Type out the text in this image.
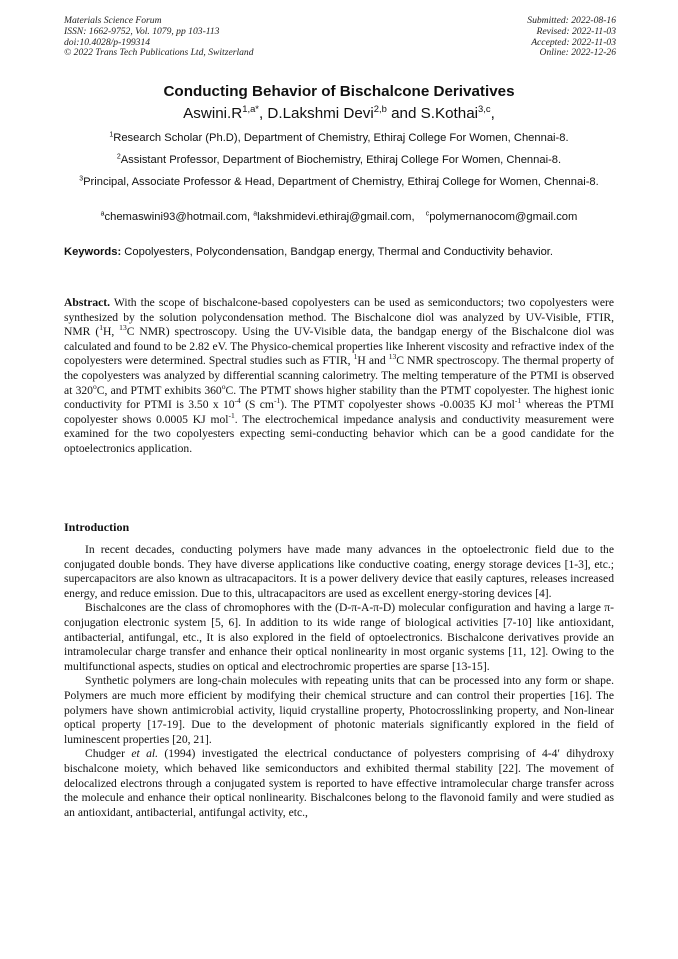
Materials Science Forum
ISSN: 1662-9752, Vol. 1079, pp 103-113
doi:10.4028/p-199314
© 2022 Trans Tech Publications Ltd, Switzerland
Submitted: 2022-08-16
Revised: 2022-11-03
Accepted: 2022-11-03
Online: 2022-12-26
Conducting Behavior of Bischalcone Derivatives
$Aswini.R^{1,a*}$, D.Lakshmi Devi$^{2,b}$ and S.Kothai$^{3,c}$,
$^1$Research Scholar (Ph.D), Department of Chemistry, Ethiraj College For Women, Chennai-8.
$^2$Assistant Professor, Department of Biochemistry, Ethiraj College For Women, Chennai-8.
$^3$Principal, Associate Professor & Head, Department of Chemistry, Ethiraj College for Women, Chennai-8.
$^a$chemaswini93@hotmail.com, $^a$lakshmidevi.ethiraj@gmail.com, $^c$polymernanocom@gmail.com
Keywords: Copolyesters, Polycondensation, Bandgap energy, Thermal and Conductivity behavior.
Abstract. With the scope of bischalcone-based copolyesters can be used as semiconductors; two copolyesters were synthesized by the solution polycondensation method. The Bischalcone diol was analyzed by UV-Visible, FTIR, NMR ($^1$H, $^{13}$C NMR) spectroscopy. Using the UV-Visible data, the bandgap energy of the Bischalcone diol was calculated and found to be 2.82 eV. The Physico-chemical properties like Inherent viscosity and refractive index of the copolyesters were determined. Spectral studies such as FTIR, $^1$H and $^{13}$C NMR spectroscopy. The thermal property of the copolyesters was analyzed by differential scanning calorimetry. The melting temperature of the PTMI is observed at 320$^o$C, and PTMT exhibits 360$^o$C. The PTMT shows higher stability than the PTMT copolyester. The highest ionic conductivity for PTMI is 3.50 x $10^{-4}$ (S $cm^{-1}$). The PTMT copolyester shows -0.0035 KJ mol$^{-1}$ whereas the PTMI copolyester shows 0.0005 KJ mol$^{-1}$. The electrochemical impedance analysis and conductivity measurement were examined for the two copolyesters expecting semi-conducting behavior which can be a good candidate for the optoelectronics application.
Introduction

In recent decades, conducting polymers have made many advances in the optoelectronic field due to the conjugated double bonds. They have diverse applications like conductive coating, energy storage devices [1-3], etc.; supercapacitors are also known as ultracapacitors. It is a power delivery device that easily captures, releases increased energy, and reduce emission. Due to this, ultracapacitors are used as excellent energy-storing devices [4].

Bischalcones are the class of chromophores with the (D-π-A-π-D) molecular configuration and having a large π-conjugation electronic system [5, 6]. In addition to its wide range of biological activities [7-10] like antioxidant, antibacterial, antifungal, etc., It is also explored in the field of optoelectronics. Bischalcone derivatives provide an intramolecular charge transfer and enhance their optical nonlinearity in most organic systems [11, 12]. Owing to the multifunctional aspects, studies on optical and electrochromic properties are sparse [13-15].

Synthetic polymers are long-chain molecules with repeating units that can be processed into any form or shape. Polymers are much more efficient by modifying their chemical structure and can control their properties [16]. The polymers have shown antimicrobial activity, liquid crystalline property, Photocrosslinking property, and Non-linear optical property [17-19]. Due to the development of photonic materials significantly explored in the field of luminescent properties [20, 21].

Chudger et al. (1994) investigated the electrical conductance of polyesters comprising of 4-4′ dihydroxy bischalcone moiety, which behaved like semiconductors and exhibited thermal stability [22]. The movement of delocalized electrons through a conjugated system is reported to have effective intramolecular charge transfer across the molecule and enhance their optical nonlinearity. Bischalcones belong to the flavonoid family and were studied as an antioxidant, antibacterial, antifungal activity, etc.,
